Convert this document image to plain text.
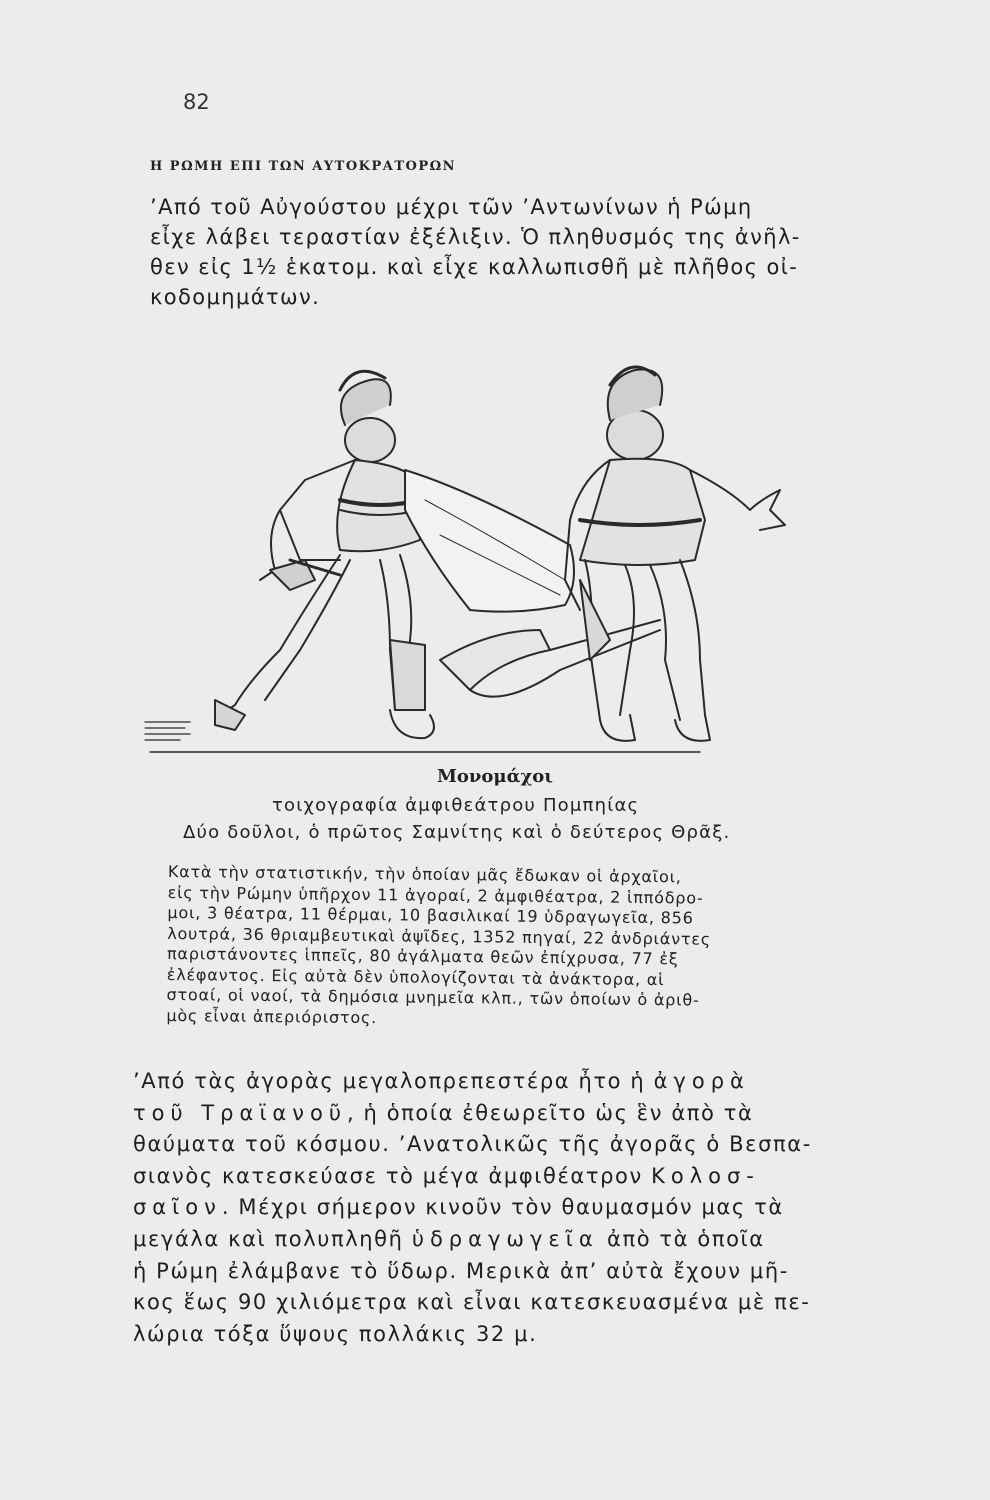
82
Η ΡΩΜΗ ΕΠΙ ΤΩΝ ΑΥΤΟΚΡΑΤΟΡΩΝ

’Από τοῦ Αὐγούστου μέχρι τῶν ’Αντωνίνων ἡ Ρώμη
εἶχε λάβει τεραστίαν ἐξέλιξιν. Ὁ πληθυσμός της ἀνῆλ-
θεν εἰς 1½ ἑκατομ. καὶ εἶχε καλλωπισθῆ μὲ πλῆθος οἰ-
κοδομημάτων.

Μονομάχοι
τοιχογραφία ἀμφιθεάτρου Πομπηίας
Δύο δοῦλοι, ὁ πρῶτος Σαμνίτης καὶ ὁ δεύτερος Θρᾶξ.

Κατὰ τὴν στατιστικήν, τὴν ὁποίαν μᾶς ἔδωκαν οἱ ἀρχαῖοι,
εἰς τὴν Ρώμην ὑπῆρχον 11 ἀγοραί, 2 ἀμφιθέατρα, 2 ἱππόδρο-
μοι, 3 θέατρα, 11 θέρμαι, 10 βασιλικαί 19 ὑδραγωγεῖα, 856
λουτρά, 36 θριαμβευτικαὶ ἀψῖδες, 1352 πηγαί, 22 ἀνδριάντες
παριστάνοντες ἱππεῖς, 80 ἀγάλματα θεῶν ἐπίχρυσα, 77 ἐξ
ἐλέφαντος. Εἰς αὐτὰ δὲν ὑπολογίζονται τὰ ἀνάκτορα, αἱ
στοαί, οἱ ναοί, τὰ δημόσια μνημεῖα κλπ., τῶν ὁποίων ὁ ἀριθ-
μὸς εἶναι ἀπεριόριστος.

’Από τὰς ἀγορὰς μεγαλοπρεπεστέρα ἦτο ἡ ἀγορὰ
τοῦ Τραϊανοῦ, ἡ ὁποία ἐθεωρεῖτο ὡς ἓν ἀπὸ τὰ
θαύματα τοῦ κόσμου. ’Ανατολικῶς τῆς ἀγορᾶς ὁ Βεσπα-
σιανὸς κατεσκεύασε τὸ μέγα ἀμφιθέατρον Κολοσ-
σαῖον. Μέχρι σήμερον κινοῦν τὸν θαυμασμόν μας τὰ
μεγάλα καὶ πολυπληθῆ ὑδραγωγεῖα ἀπὸ τὰ ὁποῖα
ἡ Ρώμη ἐλάμβανε τὸ ὕδωρ. Μερικὰ ἀπ’ αὐτὰ ἔχουν μῆ-
κος ἕως 90 χιλιόμετρα καὶ εἶναι κατεσκευασμένα μὲ πε-
λώρια τόξα ὕψους πολλάκις 32 μ.
